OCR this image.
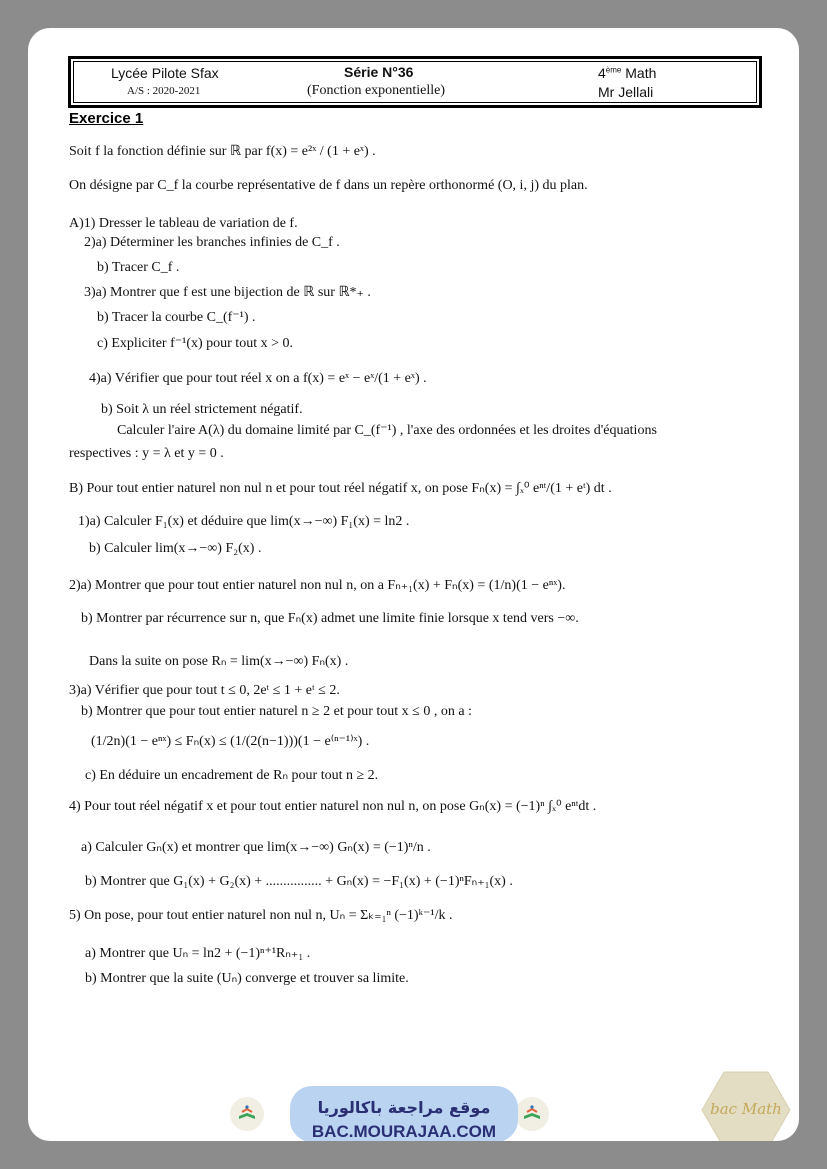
Lycée Pilote Sfax
A/S : 2020-2021
Série N°36
(Fonction exponentielle)
4ème Math
Mr Jellali
Exercice 1
Soit f la fonction définie sur ℝ par f(x) = e²ˣ / (1 + eˣ) .
On désigne par C_f la courbe représentative de f dans un repère orthonormé (O, i, j) du plan.
A)1) Dresser le tableau de variation de f.
2)a) Déterminer les branches infinies de C_f .
b) Tracer C_f .
3)a) Montrer que f est une bijection de ℝ sur ℝ*₊ .
b) Tracer la courbe C_(f⁻¹) .
c) Expliciter f⁻¹(x) pour tout x > 0.
4)a) Vérifier que pour tout réel x on a f(x) = eˣ − eˣ/(1 + eˣ) .
b) Soit λ un réel strictement négatif.
Calculer l'aire A(λ) du domaine limité par C_(f⁻¹) , l'axe des ordonnées et les droites d'équations
respectives : y = λ et y = 0 .
B) Pour tout entier naturel non nul n et pour tout réel négatif x, on pose Fₙ(x) = ∫ₓ⁰ eⁿᵗ/(1 + eᵗ) dt .
1)a) Calculer F₁(x) et déduire que lim(x→−∞) F₁(x) = ln2 .
b) Calculer lim(x→−∞) F₂(x) .
2)a) Montrer que pour tout entier naturel non nul n, on a Fₙ₊₁(x) + Fₙ(x) = (1/n)(1 − eⁿˣ).
b) Montrer par récurrence sur n, que Fₙ(x) admet une limite finie lorsque x tend vers −∞.
Dans la suite on pose Rₙ = lim(x→−∞) Fₙ(x) .
3)a) Vérifier que pour tout t ≤ 0, 2eᵗ ≤ 1 + eᵗ ≤ 2.
b) Montrer que pour tout entier naturel n ≥ 2 et pour tout x ≤ 0 , on a :
(1/2n)(1 − eⁿˣ) ≤ Fₙ(x) ≤ (1/(2(n−1)))(1 − e⁽ⁿ⁻¹⁾ˣ) .
c) En déduire un encadrement de Rₙ pour tout n ≥ 2.
4) Pour tout réel négatif x et pour tout entier naturel non nul n, on pose Gₙ(x) = (−1)ⁿ ∫ₓ⁰ eⁿᵗdt .
a) Calculer Gₙ(x) et montrer que lim(x→−∞) Gₙ(x) = (−1)ⁿ/n .
b) Montrer que G₁(x) + G₂(x) + ................ + Gₙ(x) = −F₁(x) + (−1)ⁿFₙ₊₁(x) .
5) On pose, pour tout entier naturel non nul n, Uₙ = Σₖ₌₁ⁿ (−1)ᵏ⁻¹/k .
a) Montrer que Uₙ = ln2 + (−1)ⁿ⁺¹Rₙ₊₁ .
b) Montrer que la suite (Uₙ) converge et trouver sa limite.
موقع مراجعة باكالوريا
BAC.MOURAJAA.COM
bac Math
